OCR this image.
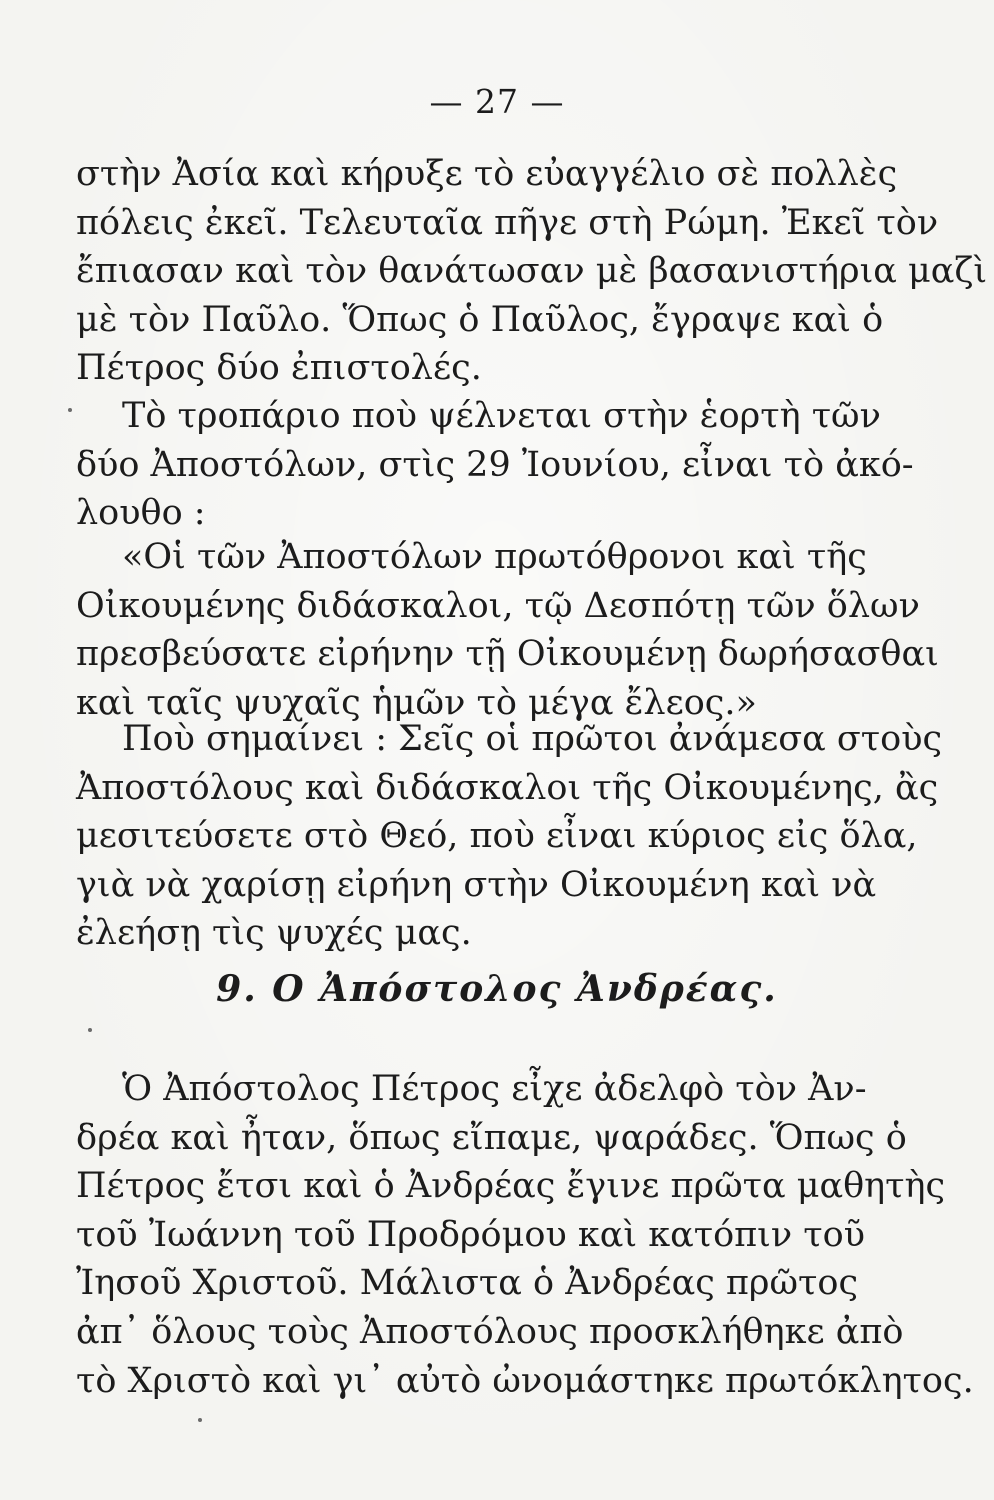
— 27 —
στὴν Ἀσία καὶ κήρυξε τὸ εὐαγγέλιο σὲ πολλὲς
πόλεις ἐκεῖ. Τελευταῖα πῆγε στὴ Ρώμη. Ἐκεῖ τὸν
ἔπιασαν καὶ τὸν θανάτωσαν μὲ βασανιστήρια μαζὶ
μὲ τὸν Παῦλο. Ὅπως ὁ Παῦλος, ἔγραψε καὶ ὁ
Πέτρος δύο ἐπιστολές.
Τὸ τροπάριο ποὺ ψέλνεται στὴν ἑορτὴ τῶν
δύο Ἀποστόλων, στὶς 29 Ἰουνίου, εἶναι τὸ ἀκό-
λουθο :
«Οἱ τῶν Ἀποστόλων πρωτόθρονοι καὶ τῆς
Οἰκουμένης διδάσκαλοι, τῷ Δεσπότῃ τῶν ὅλων
πρεσβεύσατε εἰρήνην τῇ Οἰκουμένῃ δωρήσασθαι
καὶ ταῖς ψυχαῖς ἡμῶν τὸ μέγα ἔλεος.»
Ποὺ σημαίνει : Σεῖς οἱ πρῶτοι ἀνάμεσα στοὺς
Ἀποστόλους καὶ διδάσκαλοι τῆς Οἰκουμένης, ἂς
μεσιτεύσετε στὸ Θεό, ποὺ εἶναι κύριος εἰς ὅλα,
γιὰ νὰ χαρίσῃ εἰρήνη στὴν Οἰκουμένη καὶ νὰ
ἐλεήσῃ τὶς ψυχές μας.
9. Ο Ἀπόστολος Ἀνδρέας.
Ὁ Ἀπόστολος Πέτρος εἶχε ἀδελφὸ τὸν Ἀν-
δρέα καὶ ἦταν, ὅπως εἴπαμε, ψαράδες. Ὅπως ὁ
Πέτρος ἔτσι καὶ ὁ Ἀνδρέας ἔγινε πρῶτα μαθητὴς
τοῦ Ἰωάννη τοῦ Προδρόμου καὶ κατόπιν τοῦ
Ἰησοῦ Χριστοῦ. Μάλιστα ὁ Ἀνδρέας πρῶτος
ἀπ᾽ ὅλους τοὺς Ἀποστόλους προσκλήθηκε ἀπὸ
τὸ Χριστὸ καὶ γι᾽ αὐτὸ ὠνομάστηκε πρωτόκλητος.
